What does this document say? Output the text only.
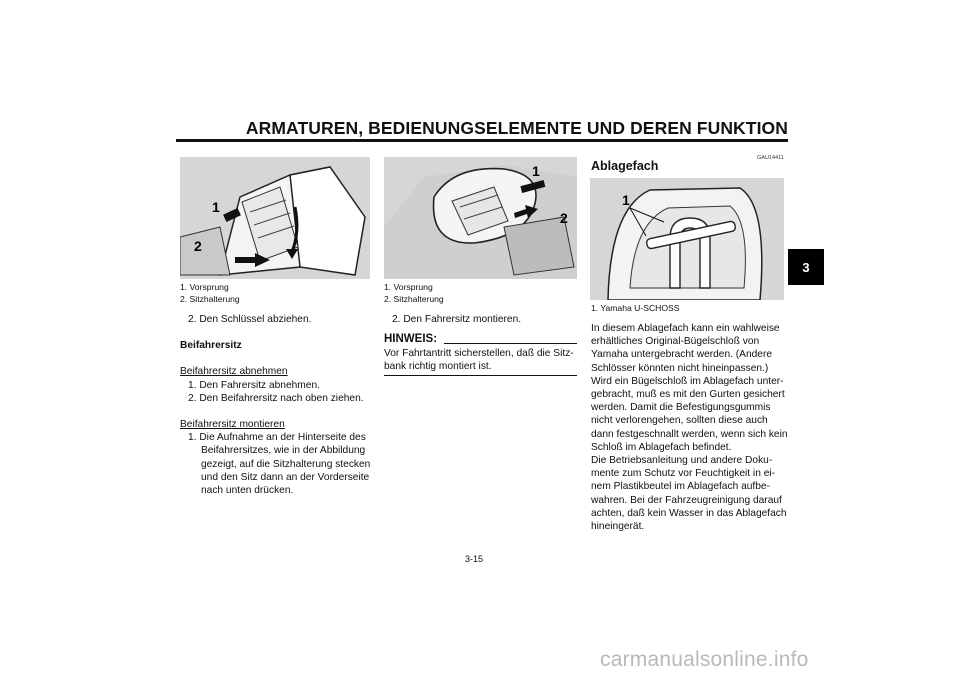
ARMATUREN, BEDIENUNGSELEMENTE UND DEREN FUNKTION
3
1
2
1. Vorsprung
2. Sitzhalterung
2. Den Schlüssel abziehen.
Beifahrersitz
Beifahrersitz abnehmen
1. Den Fahrersitz abnehmen.
2. Den Beifahrersitz nach oben ziehen.
Beifahrersitz montieren
1. Die Aufnahme an der Hinterseite des
Beifahrersitzes, wie in der Abbildung
gezeigt, auf die Sitzhalterung stecken
und den Sitz dann an der Vorderseite
nach unten drücken.
1
2
1. Vorsprung
2. Sitzhalterung
2. Den Fahrersitz montieren.
HINWEIS:
Vor Fahrtantritt sicherstellen, daß die Sitz-
bank richtig montiert ist.
GAU14411
Ablagefach
1
1. Yamaha U-SCHOSS
In diesem Ablagefach kann ein wahlweise
erhältliches Original-Bügelschloß von
Yamaha untergebracht werden. (Andere
Schlösser könnten nicht hineinpassen.)
Wird ein Bügelschloß im Ablagefach unter-
gebracht, muß es mit den Gurten gesichert
werden. Damit die Befestigungsgummis
nicht verlorengehen, sollten diese auch
dann festgeschnallt werden, wenn sich kein
Schloß im Ablagefach befindet.
Die Betriebsanleitung und andere Doku-
mente zum Schutz vor Feuchtigkeit in ei-
nem Plastikbeutel im Ablagefach aufbe-
wahren. Bei der Fahrzeugreinigung darauf
achten, daß kein Wasser in das Ablagefach
hineingerät.
3-15
carmanualsonline.info
